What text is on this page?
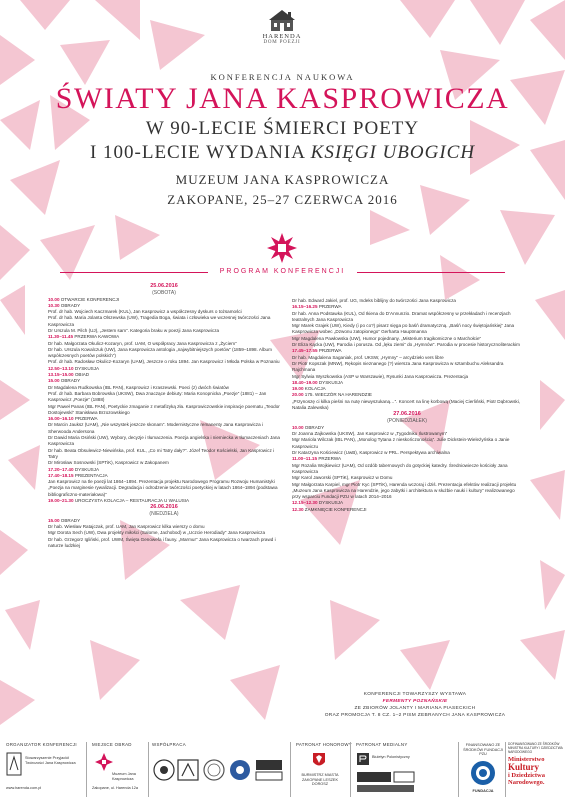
HARENDA
DOM POEZJI
KONFERENCJA NAUKOWA
ŚWIATY JANA KASPROWICZA
W 90-LECIE ŚMIERCI POETY
I 100-LECIE WYDANIA KSIĘGI UBOGICH
MUZEUM JANA KASPROWICZA
ZAKOPANE, 25–27 CZERWCA 2016
PROGRAM KONFERENCJI

25.06.2016

(SOBOTA)

10.00 OTWARCIE KONFERENCJI

10.30 OBRADY

Prof. dr hab. Wojciech Kaczmarek (KUL), Jan Kasprowicz a współczesny dyskurs o tożsamości

Prof. dr hab. Maria Jolanta Olszewska (UW), Tragedia Boga, świata i człowieka we wczesnej twórczości Jana Kasprowicza

Dr Urszula M. Pilch (UJ), „Jestem sam”. Kategoria braku w poezji Jana Kasprowicza

11.30–11.45 PRZERWA KAWOWA

Dr hab. Małgorzata Okulicz-Kozaryn, prof. UAM, O współpracy Jana Kasprowicza z „Życiem”

Dr hab. Urszula Kowalczuk (UW), Jana Kasprowicza antologia „najwybitniejszych poetów” (1859–1898. Album współczesnych poetów polskich”)

Prof. dr hab. Radosław Okulicz-Kozaryn (UAM), Jeszcze o roku 1894. Jan Kasprowicz i Młoda Polska w Poznaniu

12.50–13.10 DYSKUSJA

13.15–15.00 OBIAD

15.00 OBRADY

Dr Magdalena Rudkowska (IBL PAN), Kasprowicz i Kraszewski. Poeci (z) dwóch światów

Prof. dr hab. Barbara Bobrowska (UKSW), Dwa znaczące debiuty: Maria Konopnicka „Poezje” (1881) – Jan Kasprowicz „Poezje” (1888)

Mgr Paweł Panas (IBL PAN), Poetyckie zmaganie z metafizyką zła. Kasprowiczowskie inspiracje poematu „Teodor Dostojewski” Stanisława Brzozowskiego

16.00–16.10 PRZERWA

Dr Marcin Jauksz (UAM), „Nie wszystek jeszcze skonam”. Modernistyczne remanenty Jana Kasprowicza i Sherwooda Andersona

Dr Dawid Maria Osiński (UW), Wybory, decyzje i tłumaczenia. Poezja angielska i niemiecka w tłumaczeniach Jana Kasprowicza

Dr hab. Beata Obsulewicz-Niewińska, prof. KUL, „Co mi Tatry dały?”. Józef Teodor Kościelski, Jan Kasprowicz i Tatry

Dr Mirosław Sosnowski (SPTiK), Kasprowicz w Zakopanem

17.20–17.40 DYSKUSJA

17.40–18.15 PREZENTACJA

Jan Kasprowicz na tle poezji lat 1864–1894. Prezentacja projektu Narodowego Programu Rozwoju Humanistyki „Poezja na marginesie rywalizacji. Degradacja i odrodzenie twórczości poetyckiej w latach 1864–1894 (podstawa bibliograficzno-materiałowa)”

19.00–21.30 UROCZYSTA KOLACJA – RESTAURACJA U WALUSIA

26.06.2016

(NIEDZIELA)

15.00 OBRADY

Dr hab. Wiesław Ratajczak, prof. UAM, Jan Kasprowicz kilka wierszy o domu

Mgr Dorota Sech (UW), Dwa projekty miłości (Salome, Jachobod) w „Uczcie Herodiady” Jana Kasprowicza

Dr hab. Grzegorz Igliński, prof. UWM, Święta Genowefa i fauny. „Marmur” Jana Kasprowicza o twarzach prawd i naturze ludzkiej

Dr hab. Edward Jakiel, prof. UG, Indeks biblijny do twórczości Jana Kasprowicza

16.15–16.25 PRZERWA

Dr hab. Anna Podstawka (KUL), Od Ikiena do D’Annunzio. Dramat współczesny w przekładach i recenzjach teatralnych Jana Kasprowicza

Mgr Marek Grajek (UW), Kiedy (i po co?) pisarz sięga po baśń dramatyczną. „Baśń nocy świętojańskiej” Jana Kasprowicza wobec „Dzwonu zatopionego” Gerharta Hauptmanna

Mgr Magdalena Pawłowska (UW), Humor pojednany. „Misterium tragikomiczne o Marchołcie”

Dr Eliza Kącka (UW), Parodia i porusza. Od „lęku ziemi” do „Hymnów”. Parodia w procesie historycznoliterackim

17.45–17.55 PRZERWA

Dr hab. Magdalena Saganiak, prof. UKSW, „Hymny” – arcydzieło vers libre

Dr Piotr Kopszak (MNW), Rękopis nieznanego (?) wiersza Jana Kasprowicza w sztambuchu Aleksandra Rajchmana

Mgr Sylwia Wyszkowska (ASP w Warszawie), Rysunki Jana Kasprowicza. Prezentacja

18.40–19.00 DYSKUSJA

19.00 KOLACJA

20.00 175. WIECZÓR NA HARENDZIE

„Przynoszę ci kilka pieśni na nutę niewyszukaną…”. Koncert na linę korbową (Maciej Cierliński, Piotr Dąbrowski, Natalia Zalewska)

27.06.2016

(PONIEDZIAŁEK)

10.00 OBRADY

Dr Joanna Zajkowska (UKSW), Jan Kasprowicz w „Tygodniku Ilustrowanym”

Mgr Mariola Wilczak (IBL PAN), „Monolog Tytana z nieskończonością”. Julie Dickstein-Wieleżyńska o Janie Kasprowiczu

Dr Katarzyna Kościewicz (UwB), Kasprowicz w PRL. Perspektywa archiwalna

11.00–11.15 PRZERWA

Mgr Rozalia Wojkiewicz (UAM), Od ozdób tabernowych do gotyckiej katedry. Średniowiecze kościoły Jana Kasprowicza

Mgr Karol Jaworski (SPTiK), Kasprowicz w Domu

Mgr Małgorzata Karpiel, mgr Piotr Kyc (SPTiK), Harenda wczoraj i dziś. Prezentacja efektów realizacji projektu „Muzeum Jana Kasprowicza na Harendzie, jego zabytki i architektura w służbie nauki i kultury” realizowanego przy wsparciu Fundacji PZU w latach 2014–2016

12.15–12.30 DYSKUSJA

12.30 ZAMKNIĘCIE KONFERENCJI

KONFERENCJI TOWARZYSZY WYSTAWA
FERMENTY POZNAŃSKIE
ZE ZBIORÓW JOLANTY I MARIANA PIASECKICH
ORAZ PROMOCJA T. 8 CZ. 1–2 PISM ZEBRANYCH JANA KASPROWICZA
ORGANIZATOR KONFERENCJI
Stowarzyszenie Przyjaciół Twórczości Jana Kasprowicza
www.harenda.com.pl
MIEJSCE OBRAD
Muzeum Jana Kasprowicza
Zakopane, ul. Harenda 12a
WSPÓŁPRACA	PATRONAT HONOROWY
BURMISTRZ MIASTA ZAKOPANE LESZEK DOROSZ
PATRONAT MEDIALNY
Biuletyn Polonistyczny
FINANSOWANO ZE ŚRODKÓW FUNDACJI PZU
FUNDACJA
DOFINANSOWANO ZE ŚRODKÓW MINISTRA KULTURY I DZIEDZICTWA NARODOWEGO
Ministerstwo
Kultury
i Dziedzictwa
Narodowego.
